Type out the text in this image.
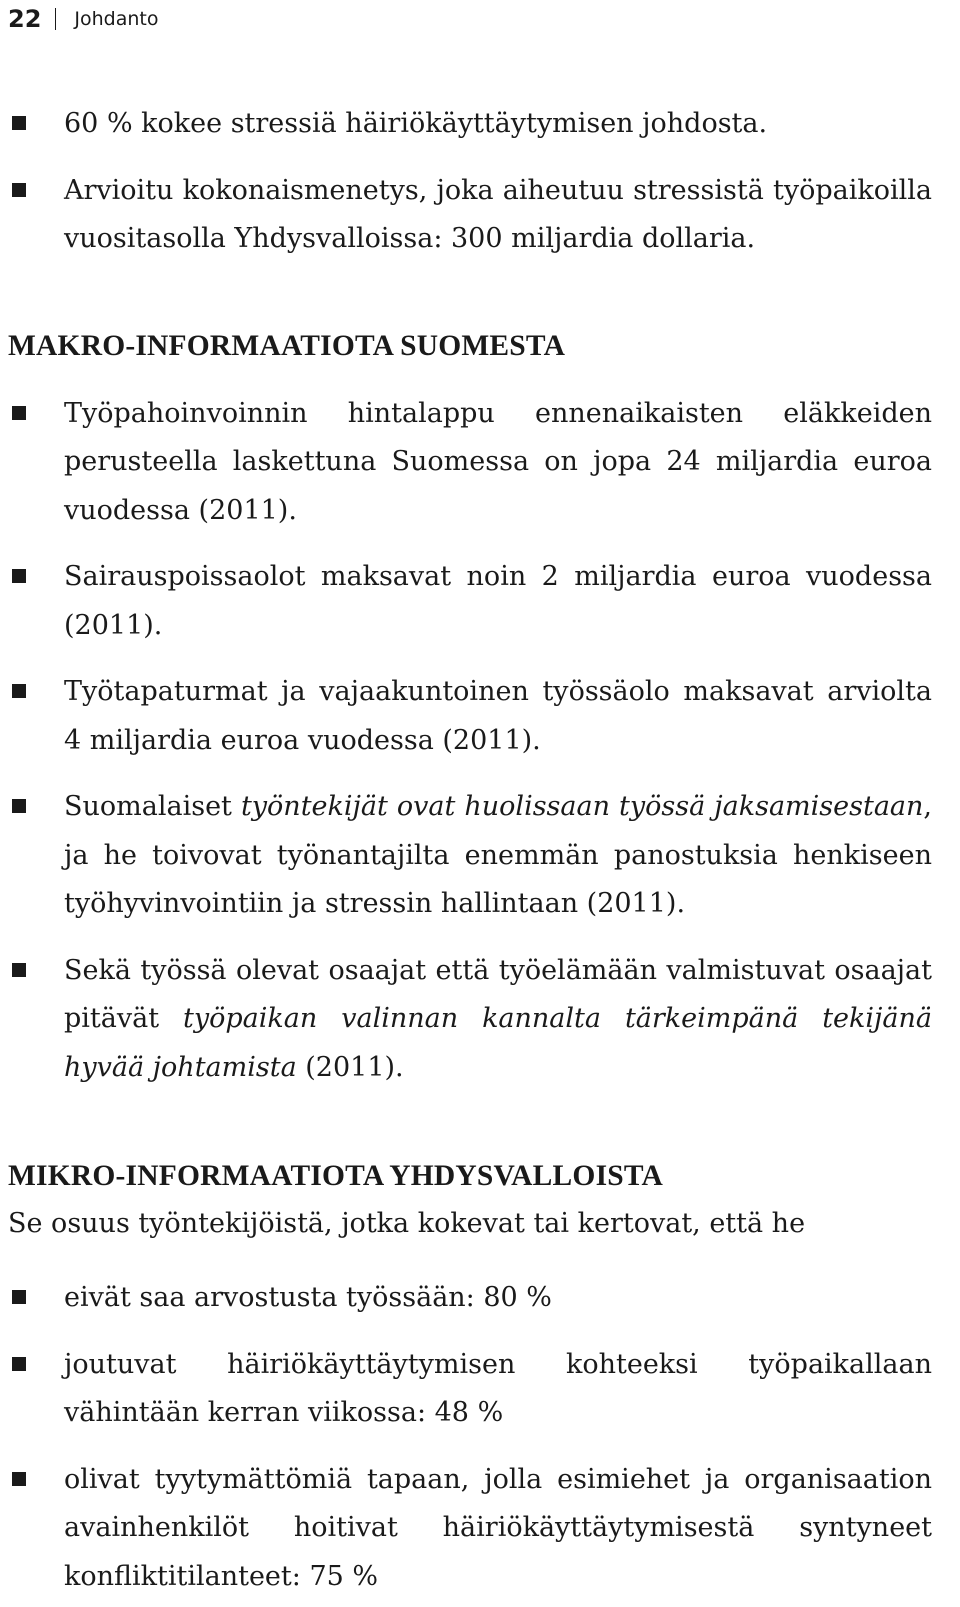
22 Johdanto
60 % kokee stressiä häiriökäyttäytymisen johdosta.
Arvioitu kokonaismenetys, joka aiheutuu stressistä työpaikoilla vuositasolla Yhdysvalloissa: 300 miljardia dollaria.
MAKRO-INFORMAATIOTA SUOMESTA
Työpahoinvoinnin hintalappu ennenaikaisten eläkkeiden perusteella laskettuna Suomessa on jopa 24 miljardia euroa vuodessa (2011).
Sairauspoissaolot maksavat noin 2 miljardia euroa vuodessa (2011).
Työtapaturmat ja vajaakuntoinen työssäolo maksavat arviolta 4 miljardia euroa vuodessa (2011).
Suomalaiset työntekijät ovat huolissaan työssä jaksamisestaan, ja he toivovat työnantajilta enemmän panostuksia henkiseen työhyvinvointiin ja stressin hallintaan (2011).
Sekä työssä olevat osaajat että työelämään valmistuvat osaajat pitävät työpaikan valinnan kannalta tärkeimpänä tekijänä hyvää johtamista (2011).
MIKRO-INFORMAATIOTA YHDYSVALLOISTA

Se osuus työntekijöistä, jotka kokevat tai kertovat, että he

eivät saa arvostusta työssään: 80 %
joutuvat häiriökäyttäytymisen kohteeksi työpaikallaan vähintään kerran viikossa: 48 %
olivat tyytymättömiä tapaan, jolla esimiehet ja organisaation avainhenkilöt hoitivat häiriökäyttäytymisestä syntyneet konfliktitilanteet: 75 %
